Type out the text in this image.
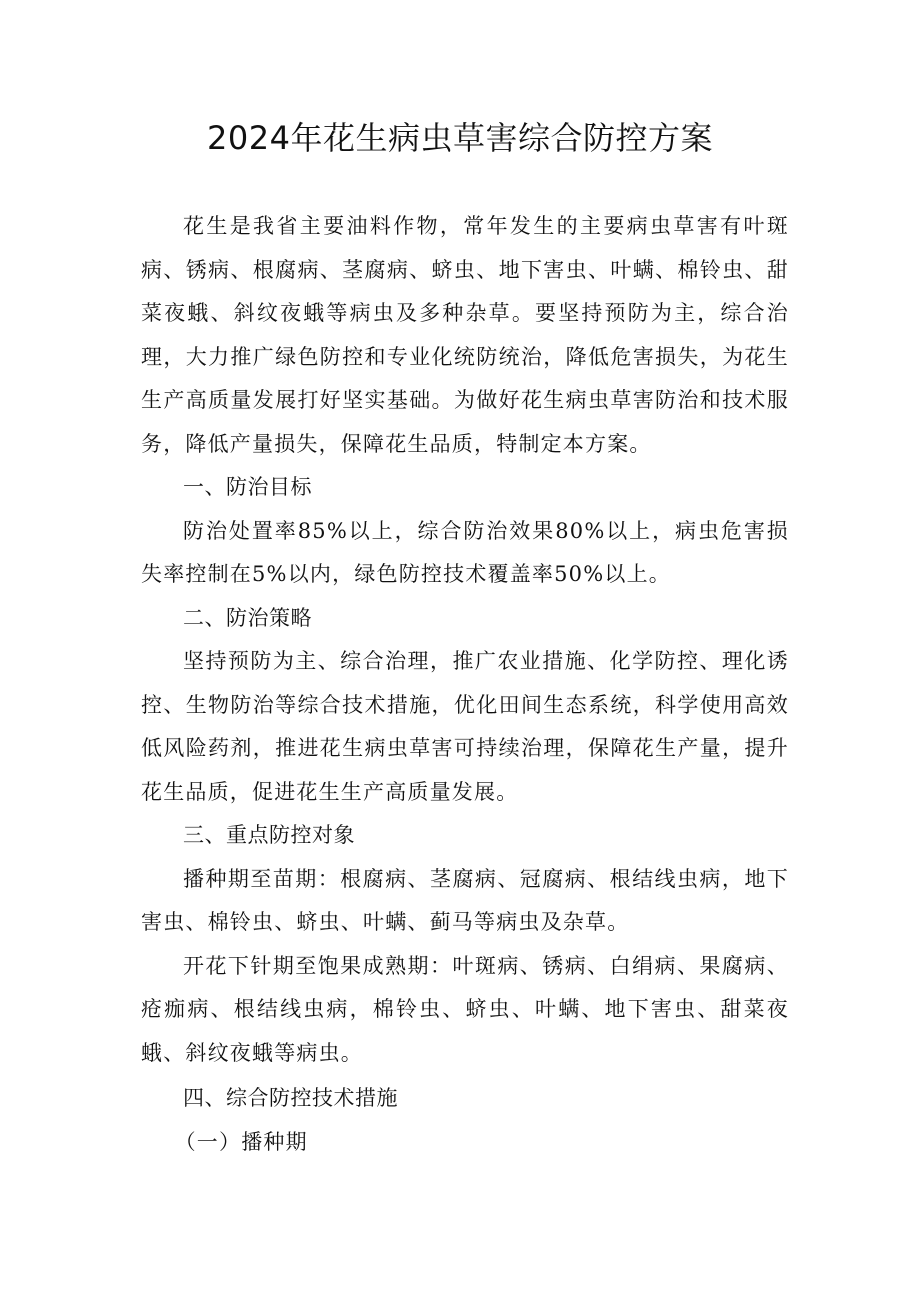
2024年花生病虫草害综合防控方案

花生是我省主要油料作物，常年发生的主要病虫草害有叶斑病、锈病、根腐病、茎腐病、蛴虫、地下害虫、叶螨、棉铃虫、甜菜夜蛾、斜纹夜蛾等病虫及多种杂草。要坚持预防为主，综合治理，大力推广绿色防控和专业化统防统治，降低危害损失，为花生生产高质量发展打好坚实基础。为做好花生病虫草害防治和技术服务，降低产量损失，保障花生品质，特制定本方案。

一、防治目标

防治处置率85%以上，综合防治效果80%以上，病虫危害损失率控制在5%以内，绿色防控技术覆盖率50%以上。

二、防治策略

坚持预防为主、综合治理，推广农业措施、化学防控、理化诱控、生物防治等综合技术措施，优化田间生态系统，科学使用高效低风险药剂，推进花生病虫草害可持续治理，保障花生产量，提升花生品质，促进花生生产高质量发展。

三、重点防控对象

播种期至苗期：根腐病、茎腐病、冠腐病、根结线虫病，地下害虫、棉铃虫、蛴虫、叶螨、蓟马等病虫及杂草。

开花下针期至饱果成熟期：叶斑病、锈病、白绢病、果腐病、疮痂病、根结线虫病，棉铃虫、蛴虫、叶螨、地下害虫、甜菜夜蛾、斜纹夜蛾等病虫。

四、综合防控技术措施

（一）播种期
